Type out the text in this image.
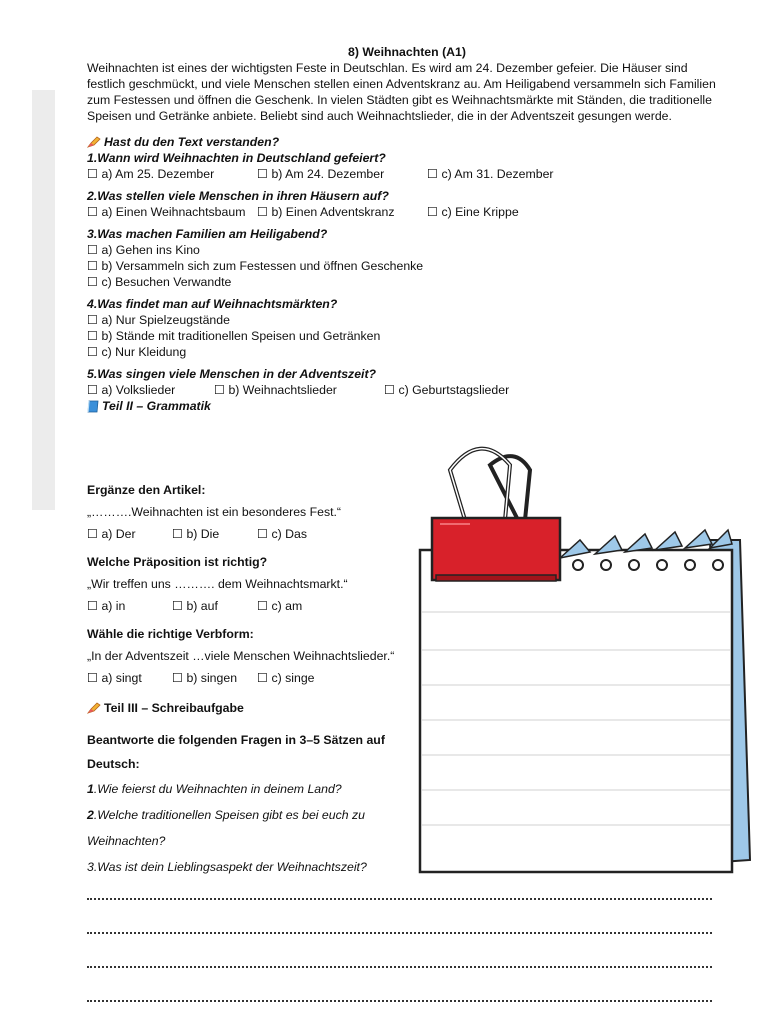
8) Weihnachten (A1)

Weihnachten ist eines der wichtigsten Feste in Deutschlan. Es wird am 24. Dezember gefeier. Die Häuser sind festlich geschmückt, und viele Menschen stellen einen Adventskranz au. Am Heiligabend versammeln sich Familien zum Festessen und öffnen die Geschenk. In vielen Städten gibt es Weihnachtsmärkte mit Ständen, die traditionelle Speisen und Getränke anbiete. Beliebt sind auch Weihnachtslieder, die in der Adventszeit gesungen werde.

Hast du den Text verstanden?
1.Wann wird Weihnachten in Deutschland gefeiert?
☐ a) Am 25. Dezember	☐ b) Am 24. Dezember	☐ c) Am 31. Dezember
2.Was stellen viele Menschen in ihren Häusern auf?
☐ a) Einen Weihnachtsbaum ☐ b) Einen Adventskranz	☐ c) Eine Krippe
3.Was machen Familien am Heiligabend?
☐ a) Gehen ins Kino
☐ b) Versammeln sich zum Festessen und öffnen Geschenke
☐ c) Besuchen Verwandte
4.Was findet man auf Weihnachtsmärkten?
☐ a) Nur Spielzeugstände
☐ b) Stände mit traditionellen Speisen und Getränken
☐ c) Nur Kleidung
5.Was singen viele Menschen in der Adventszeit?
☐ a) Volkslieder	☐ b) Weihnachtslieder	☐ c) Geburtstagslieder
Teil II – Grammatik
Ergänze den Artikel:
„……….Weihnachten ist ein besonderes Fest.“
☐ a) Der	☐ b) Die	☐ c) Das
Welche Präposition ist richtig?
„Wir treffen uns ………. dem Weihnachtsmarkt.“
☐ a) in	☐ b) auf	☐ c) am
Wähle die richtige Verbform:
„In der Adventszeit …viele Menschen Weihnachtslieder.“
☐ a) singt	☐ b) singen	☐ c) singe
Teil III – Schreibaufgabe
Beantworte die folgenden Fragen in 3–5 Sätzen auf
Deutsch:
1.Wie feierst du Weihnachten in deinem Land?
2.Welche traditionellen Speisen gibt es bei euch zu
Weihnachten?
3.Was ist dein Lieblingsaspekt der Weihnachtszeit?
